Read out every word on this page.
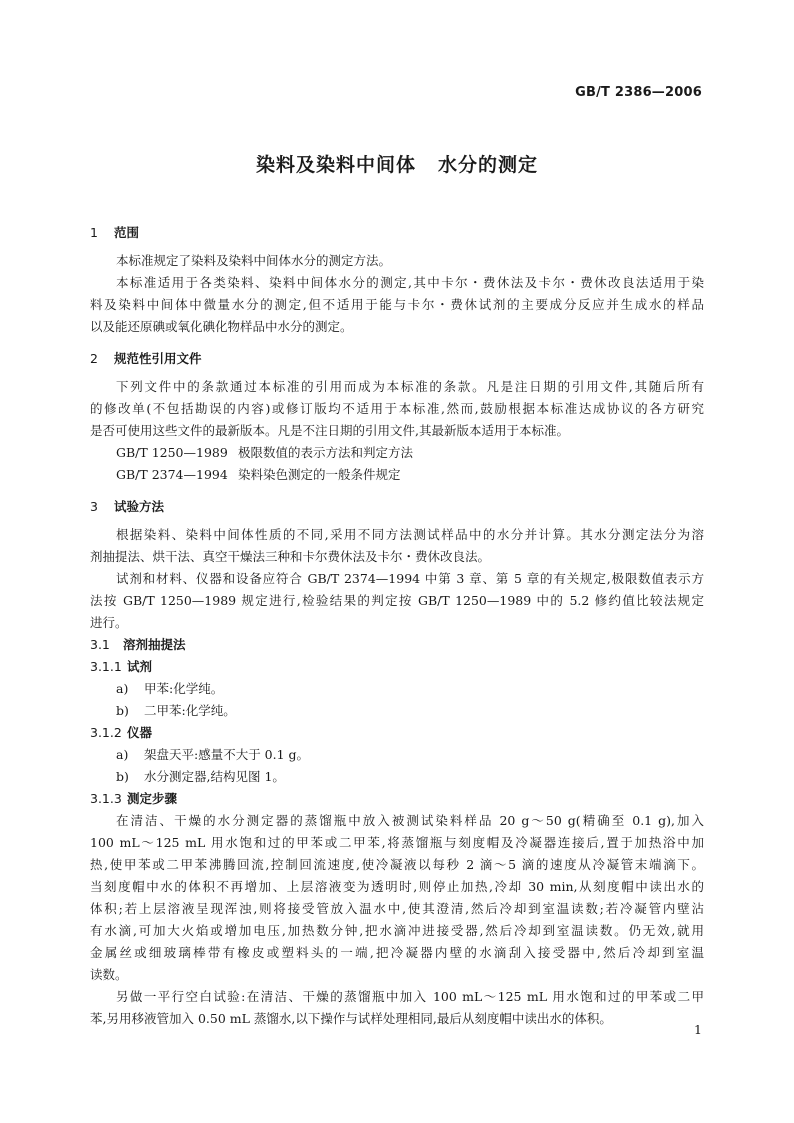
GB/T 2386—2006
染料及染料中间体 水分的测定
1 范围

本标准规定了染料及染料中间体水分的测定方法。

本标准适用于各类染料、染料中间体水分的测定,其中卡尔・费休法及卡尔・费休改良法适用于染

料及染料中间体中微量水分的测定,但不适用于能与卡尔・费休试剂的主要成分反应并生成水的样品

以及能还原碘或氧化碘化物样品中水分的测定。

2 规范性引用文件

下列文件中的条款通过本标准的引用而成为本标准的条款。凡是注日期的引用文件,其随后所有

的修改单(不包括勘误的内容)或修订版均不适用于本标准,然而,鼓励根据本标准达成协议的各方研究

是否可使用这些文件的最新版本。凡是不注日期的引用文件,其最新版本适用于本标准。

GB/T 1250—1989 极限数值的表示方法和判定方法
GB/T 2374—1994 染料染色测定的一般条件规定
3 试验方法

根据染料、染料中间体性质的不同,采用不同方法测试样品中的水分并计算。其水分测定法分为溶

剂抽提法、烘干法、真空干燥法三种和卡尔费休法及卡尔・费休改良法。

试剂和材料、仪器和设备应符合 GB/T 2374—1994 中第 3 章、第 5 章的有关规定,极限数值表示方

法按 GB/T 1250—1989 规定进行,检验结果的判定按 GB/T 1250—1989 中的 5.2 修约值比较法规定

进行。

3.1 溶剂抽提法
3.1.1 试剂
a) 甲苯:化学纯。
b) 二甲苯:化学纯。
3.1.2 仪器
a) 架盘天平:感量不大于 0.1 g。
b) 水分测定器,结构见图 1。
3.1.3 测定步骤

在清洁、干燥的水分测定器的蒸馏瓶中放入被测试染料样品 20 g～50 g(精确至 0.1 g),加入

100 mL～125 mL 用水饱和过的甲苯或二甲苯,将蒸馏瓶与刻度帽及冷凝器连接后,置于加热浴中加

热,使甲苯或二甲苯沸腾回流,控制回流速度,使冷凝液以每秒 2 滴～5 滴的速度从冷凝管末端滴下。

当刻度帽中水的体积不再增加、上层溶液变为透明时,则停止加热,冷却 30 min,从刻度帽中读出水的

体积;若上层溶液呈现浑浊,则将接受管放入温水中,使其澄清,然后冷却到室温读数;若冷凝管内壁沾

有水滴,可加大火焰或增加电压,加热数分钟,把水滴冲进接受器,然后冷却到室温读数。仍无效,就用

金属丝或细玻璃棒带有橡皮或塑料头的一端,把冷凝器内壁的水滴刮入接受器中,然后冷却到室温

读数。

另做一平行空白试验:在清洁、干燥的蒸馏瓶中加入 100 mL～125 mL 用水饱和过的甲苯或二甲

苯,另用移液管加入 0.50 mL 蒸馏水,以下操作与试样处理相同,最后从刻度帽中读出水的体积。

1
